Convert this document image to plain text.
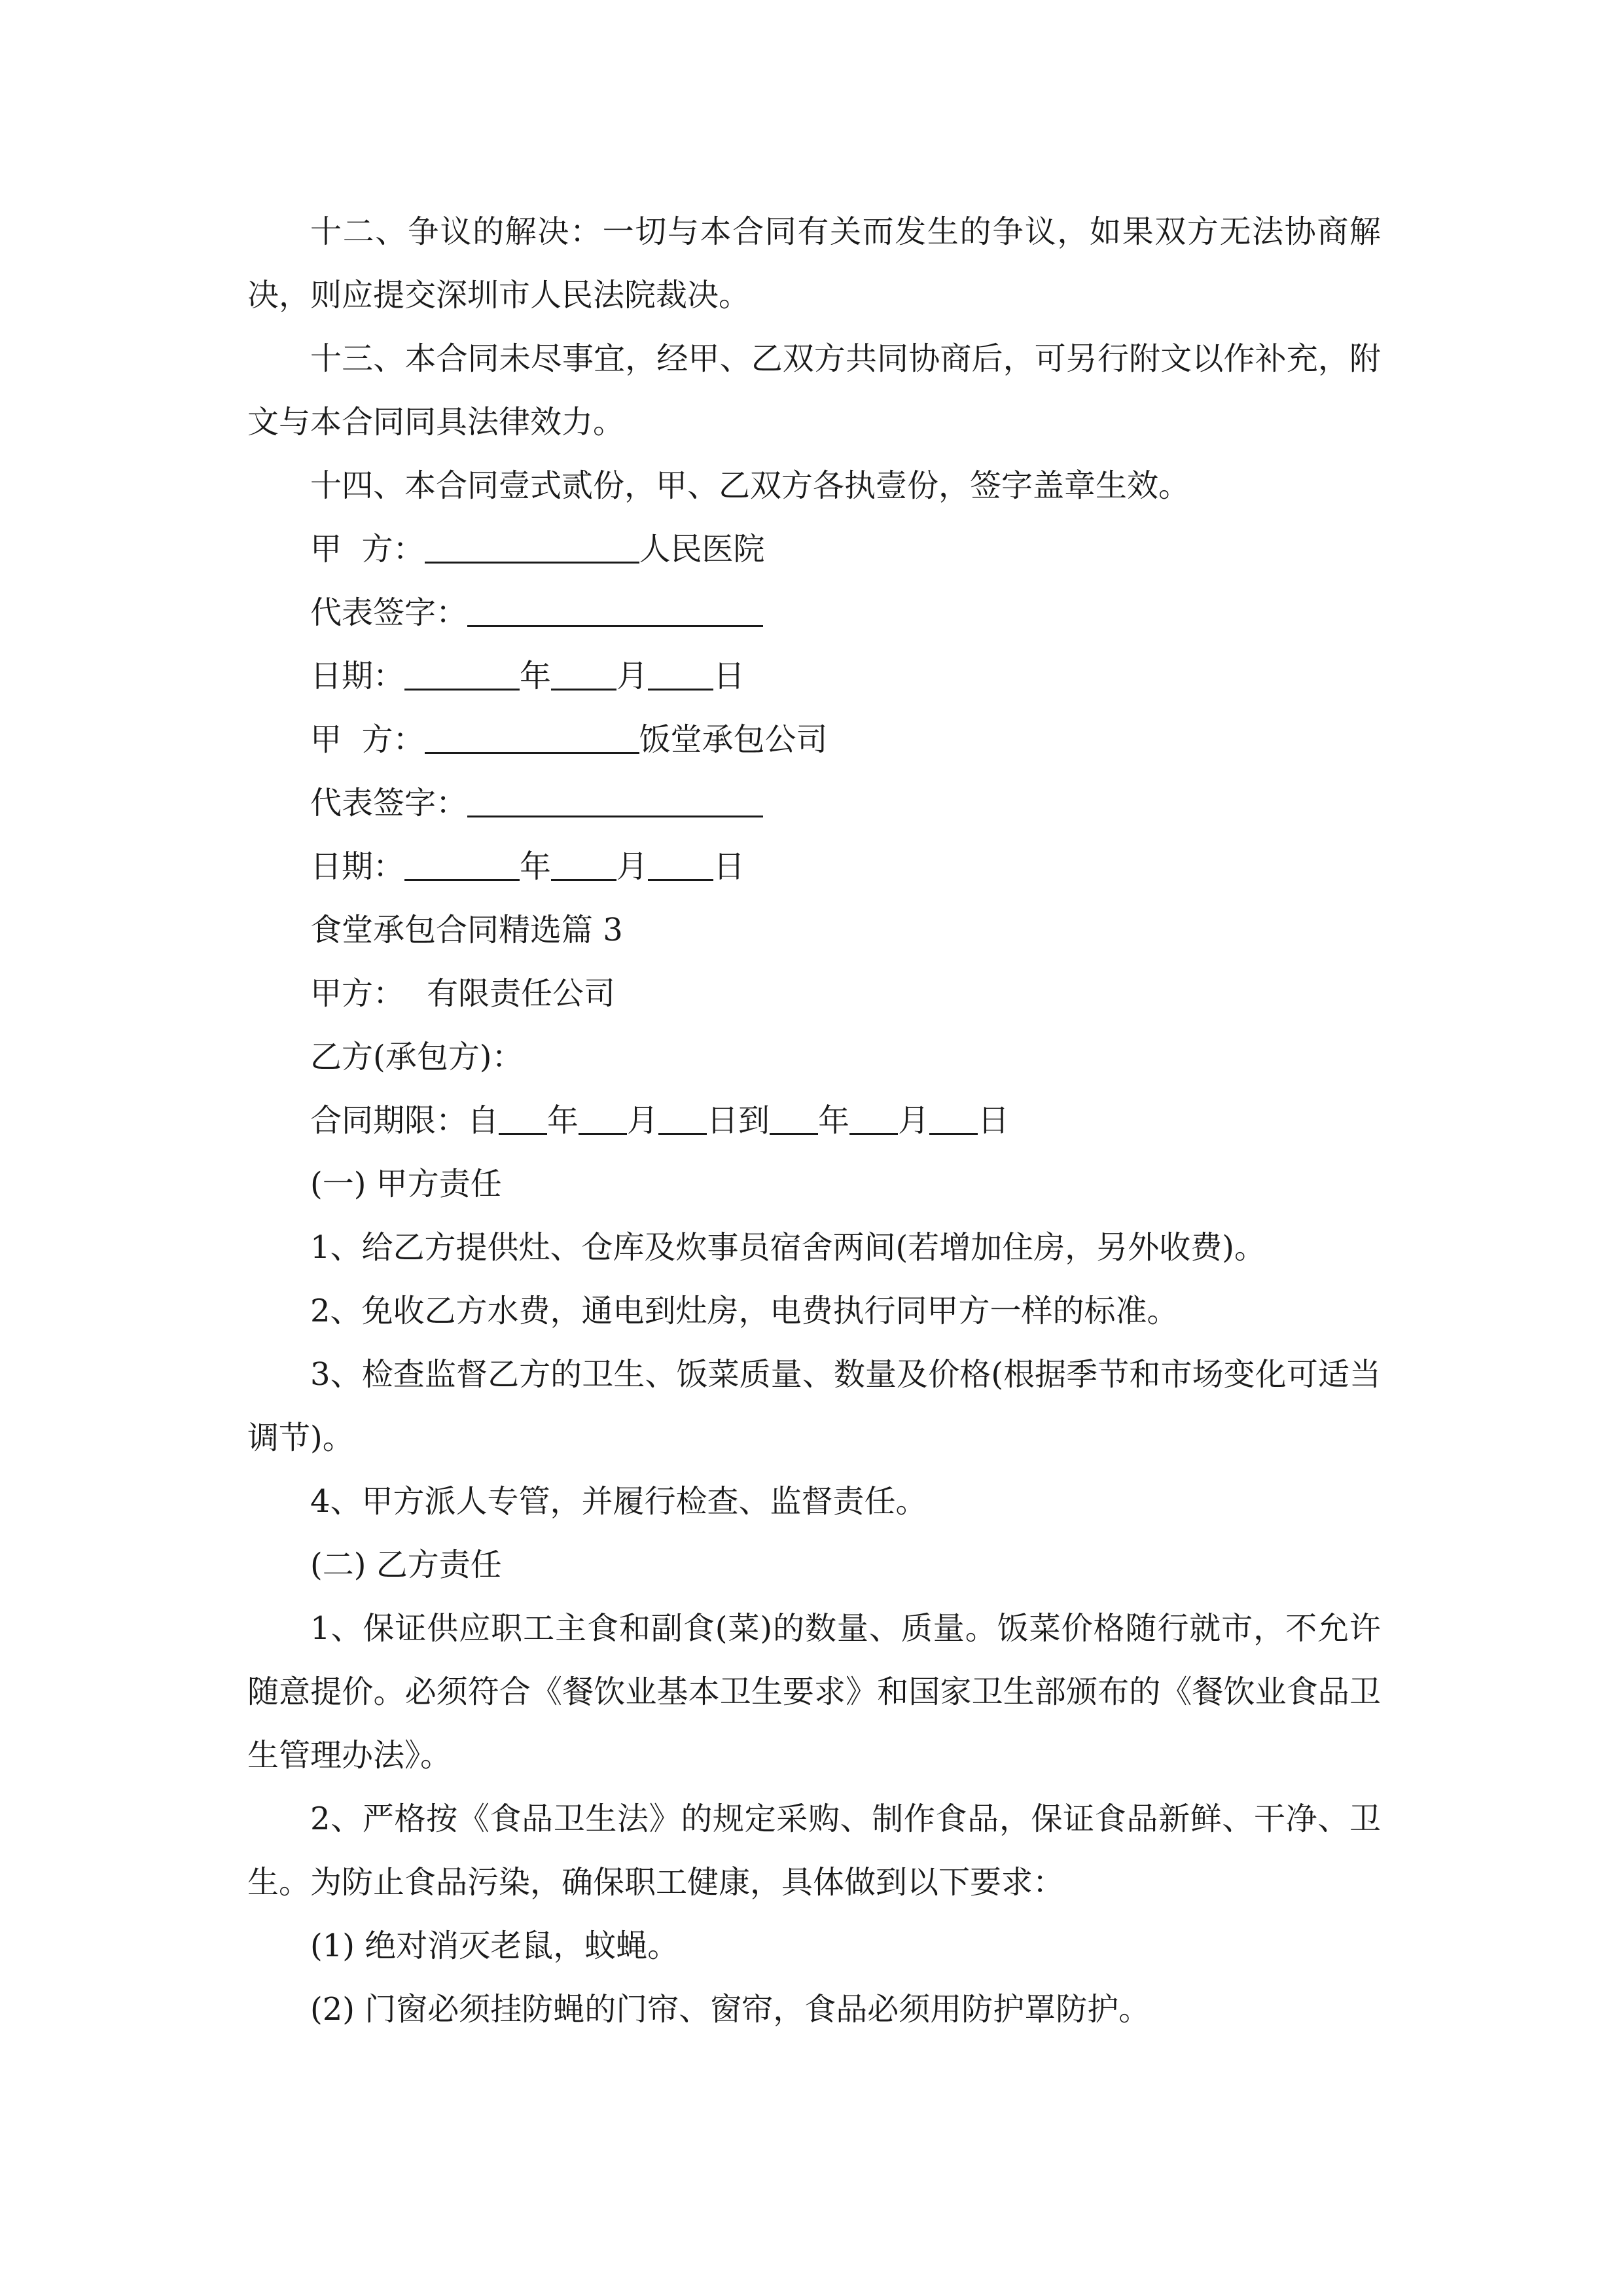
十二、争议的解决：一切与本合同有关而发生的争议，如果双方无法协商解决，则应提交深圳市人民法院裁决。

十三、本合同未尽事宜，经甲、乙双方共同协商后，可另行附文以作补充，附文与本合同同具法律效力。

十四、本合同壹式贰份，甲、乙双方各执壹份，签字盖章生效。

甲  方：	人民医院

代表签字：

日期：	年 月 日

甲  方：	饭堂承包公司

代表签字：

日期：	年 月 日

食堂承包合同精选篇 3

甲方： 有限责任公司

乙方(承包方)：

合同期限：自 年 月 日到 年 月 日

(一) 甲方责任

1、给乙方提供灶、仓库及炊事员宿舍两间(若增加住房，另外收费)。

2、免收乙方水费，通电到灶房，电费执行同甲方一样的标准。

3、检查监督乙方的卫生、饭菜质量、数量及价格(根据季节和市场变化可适当调节)。

4、甲方派人专管，并履行检查、监督责任。

(二) 乙方责任

1、保证供应职工主食和副食(菜)的数量、质量。饭菜价格随行就市，不允许随意提价。必须符合《餐饮业基本卫生要求》和国家卫生部颁布的《餐饮业食品卫生管理办法》。

2、严格按《食品卫生法》的规定采购、制作食品，保证食品新鲜、干净、卫生。为防止食品污染，确保职工健康，具体做到以下要求：

(1) 绝对消灭老鼠，蚊蝇。

(2) 门窗必须挂防蝇的门帘、窗帘，食品必须用防护罩防护。
